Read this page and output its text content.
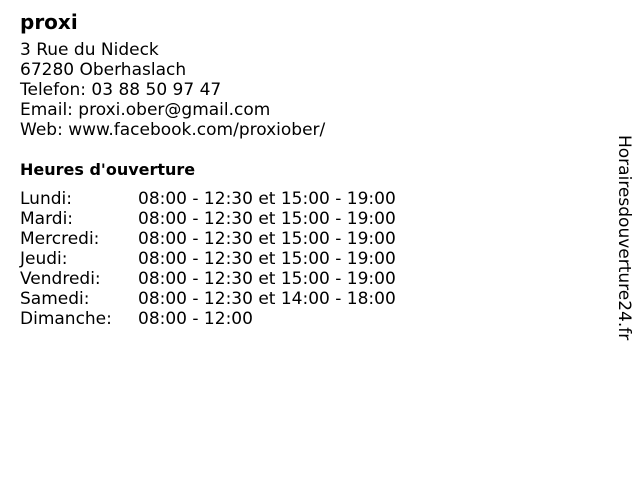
proxi
3 Rue du Nideck
67280 Oberhaslach
Telefon: 03 88 50 97 47
Email: proxi.ober@gmail.com
Web: www.facebook.com/proxiober/
Heures d'ouverture
Lundi:	08:00 - 12:30 et 15:00 - 19:00
Mardi:	08:00 - 12:30 et 15:00 - 19:00
Mercredi:	08:00 - 12:30 et 15:00 - 19:00
Jeudi:	08:00 - 12:30 et 15:00 - 19:00
Vendredi:	08:00 - 12:30 et 15:00 - 19:00
Samedi:	08:00 - 12:30 et 14:00 - 18:00
Dimanche:	08:00 - 12:00	Horairesdouverture24.fr
